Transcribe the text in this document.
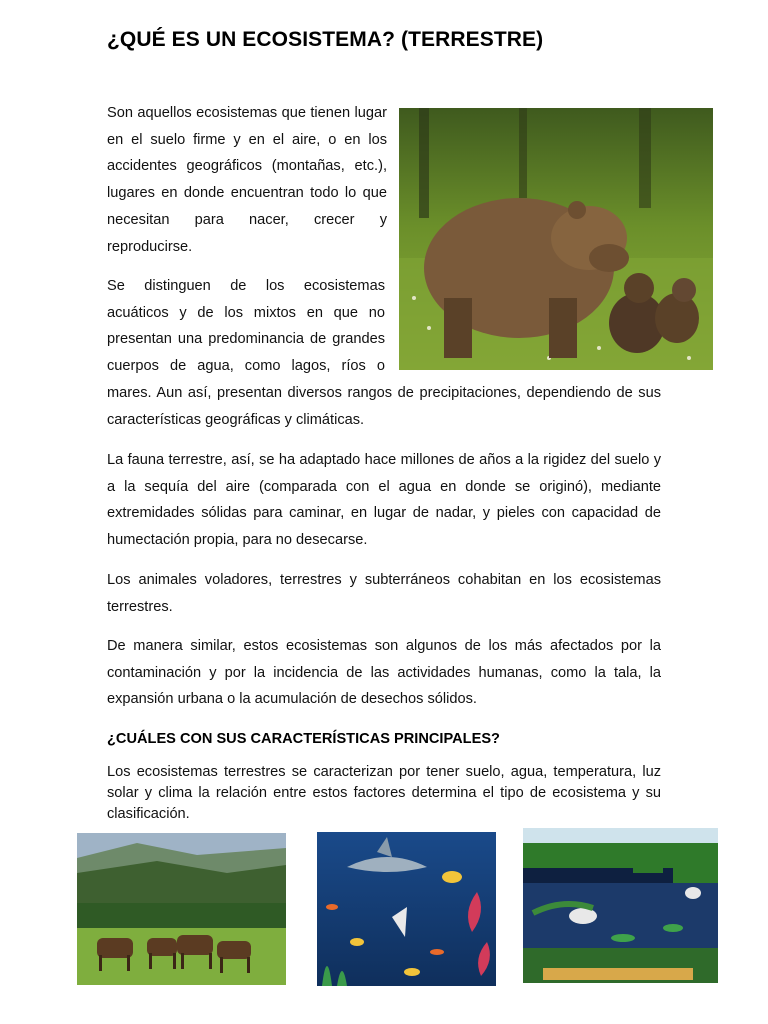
¿QUÉ ES UN ECOSISTEMA? (TERRESTRE)

Son aquellos ecosistemas que tienen lugar en el suelo firme y en el aire, o en los accidentes geográficos (montañas, etc.), lugares en donde encuentran todo lo que necesitan para nacer, crecer y reproducirse.

Se distinguen de los ecosistemas acuáticos y de los mixtos en que no presentan una predominancia de grandes cuerpos de agua, como lagos, ríos o mares. Aun así, presentan diversos rangos de precipitaciones, dependiendo de sus características geográficas y climáticas.

La fauna terrestre, así, se ha adaptado hace millones de años a la rigidez del suelo y a la sequía del aire (comparada con el agua en donde se originó), mediante extremidades sólidas para caminar, en lugar de nadar, y pieles con capacidad de humectación propia, para no desecarse.

Los animales voladores, terrestres y subterráneos cohabitan en los ecosistemas terrestres.

De manera similar, estos ecosistemas son algunos de los más afectados por la contaminación y por la incidencia de las actividades humanas, como la tala, la expansión urbana o la acumulación de desechos sólidos.

¿CUÁLES CON SUS CARACTERÍSTICAS PRINCIPALES?
Los ecosistemas terrestres se caracterizan por tener suelo, agua, temperatura, luz solar y clima la relación entre estos factores determina el tipo de ecosistema y su clasificación.
